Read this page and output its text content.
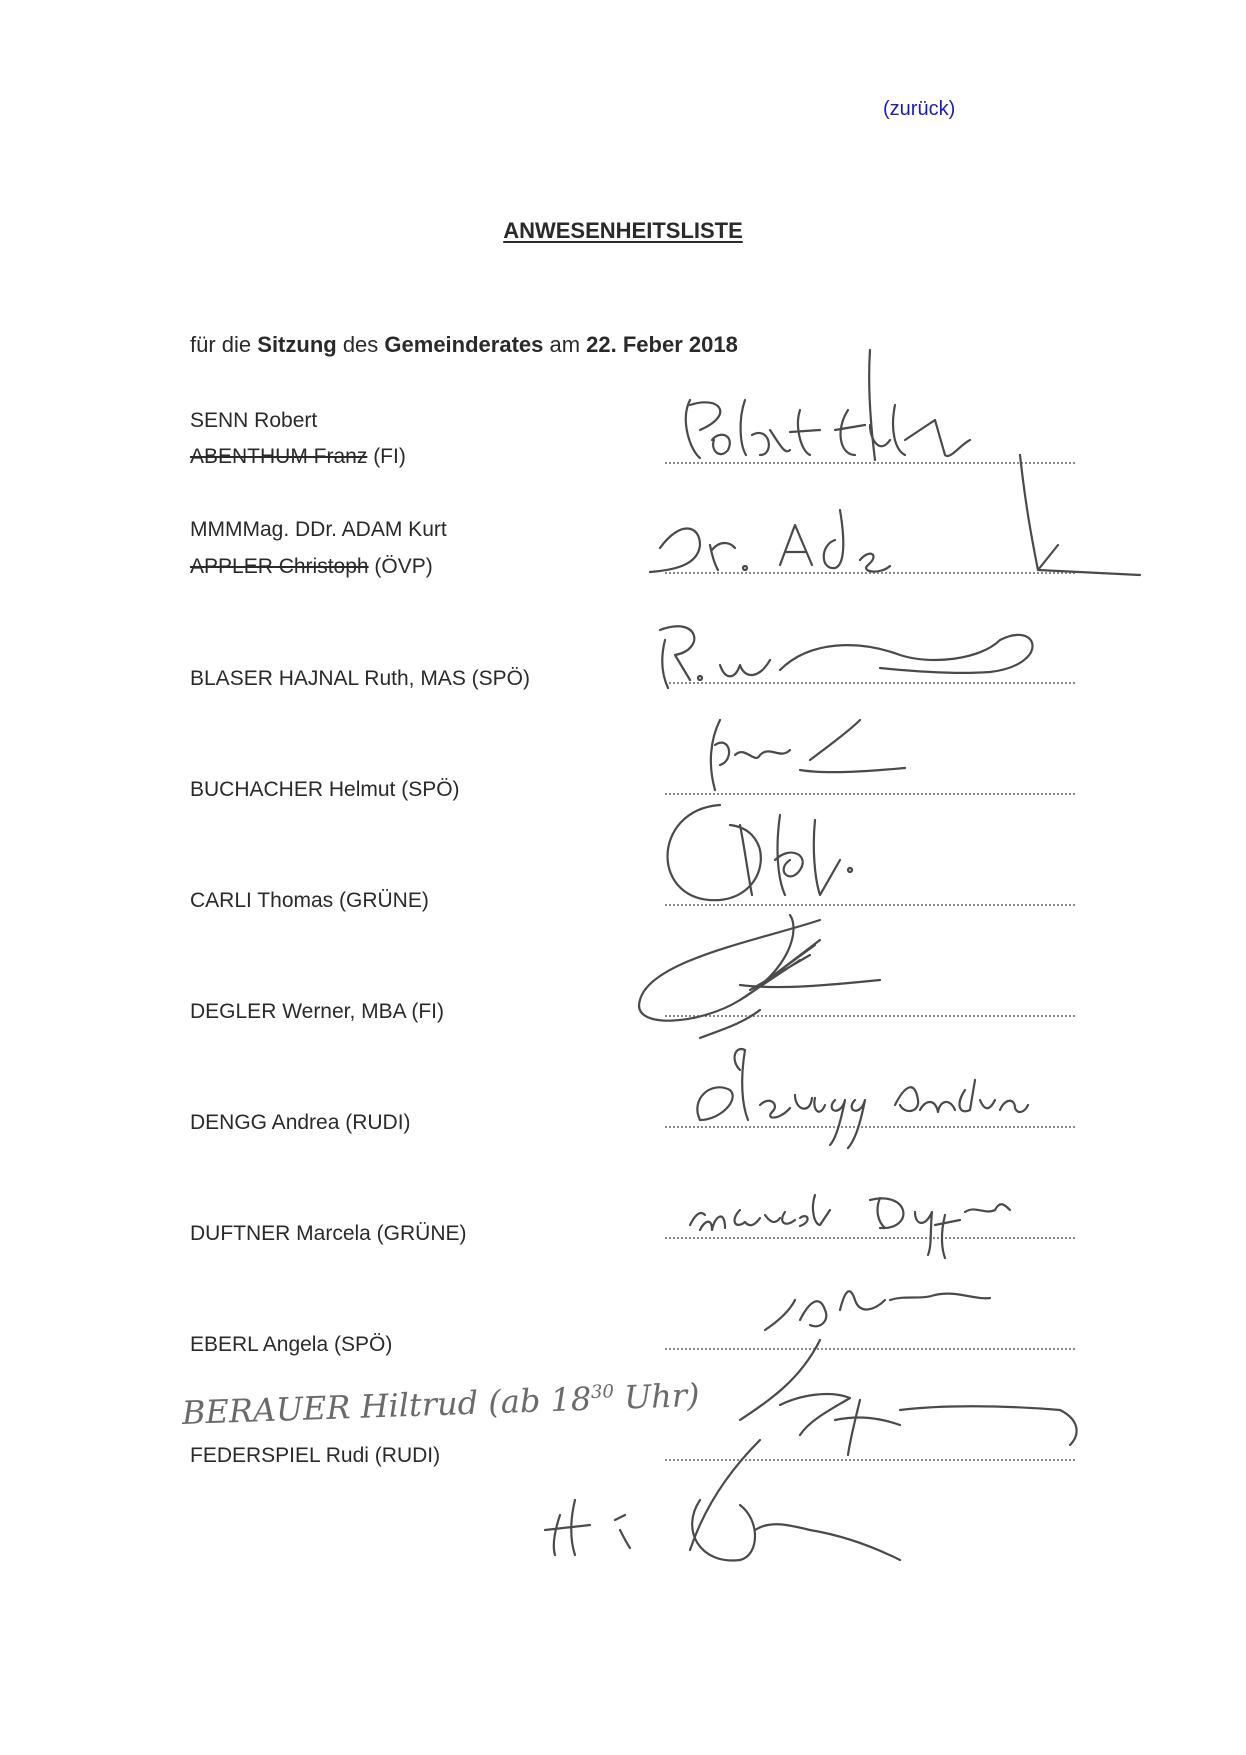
(zurück)
ANWESENHEITSLISTE
für die Sitzung des Gemeinderates am 22. Feber 2018
SENN Robert
ABENTHUM Franz (FI)
MMMMag. DDr. ADAM Kurt
APPLER Christoph (ÖVP)
BLASER HAJNAL Ruth, MAS (SPÖ)
BUCHACHER Helmut (SPÖ)
CARLI Thomas (GRÜNE)
DEGLER Werner, MBA (FI)
DENGG Andrea (RUDI)
DUFTNER Marcela (GRÜNE)
EBERL Angela (SPÖ)
FEDERSPIEL Rudi (RUDI)
BERAUER Hiltrud (ab $18^{30}$ Uhr)
